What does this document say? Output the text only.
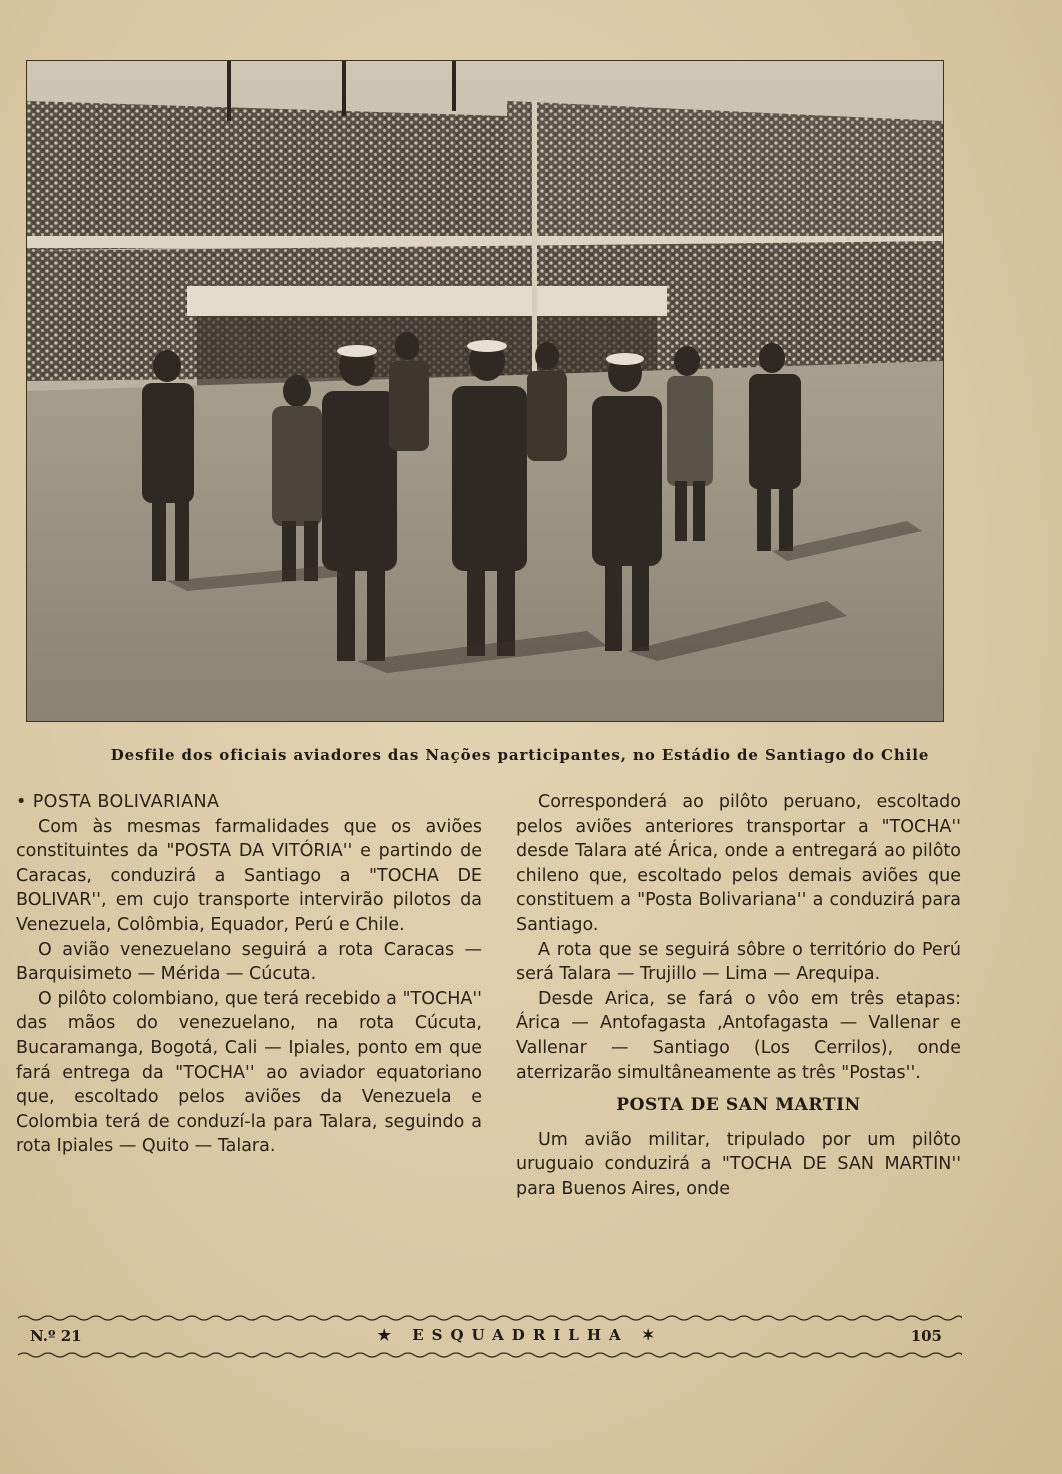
Desfile dos oficiais aviadores das Nações participantes, no Estádio de Santiago do Chile

• POSTA BOLIVARIANA

Com às mesmas farmalidades que os aviões constituintes da "POSTA DA VITÓRIA'' e partindo de Caracas, conduzirá a Santiago a "TOCHA DE BOLIVAR'', em cujo transporte intervirão pilotos da Venezuela, Colômbia, Equador, Perú e Chile.

O avião venezuelano seguirá a rota Caracas — Barquisimeto — Mérida — Cúcuta.

O pilôto colombiano, que terá recebido a "TOCHA'' das mãos do venezuelano, na rota Cúcuta, Bucaramanga, Bogotá, Cali — Ipiales, ponto em que fará entrega da "TOCHA'' ao aviador equatoriano que, escoltado pelos aviões da Venezuela e Colombia terá de conduzí-la para Talara, seguindo a rota Ipiales — Quito — Talara.

Corresponderá ao pilôto peruano, escoltado pelos aviões anteriores transportar a "TOCHA'' desde Talara até Árica, onde a entregará ao pilôto chileno que, escoltado pelos demais aviões que constituem a "Posta Bolivariana'' a conduzirá para Santiago.

A rota que se seguirá sôbre o território do Perú será Talara — Trujillo — Lima — Arequipa.

Desde Arica, se fará o vôo em três etapas: Árica — Antofagasta ,Antofagasta — Vallenar e Vallenar — Santiago (Los Cerrilos), onde aterrizarão simultâneamente as três "Postas''.

POSTA DE SAN MARTIN

Um avião militar, tripulado por um pilôto uruguaio conduzirá a "TOCHA DE SAN MARTIN'' para Buenos Aires, onde

N.º 21	★ ESQUADRILHA ✶	105
